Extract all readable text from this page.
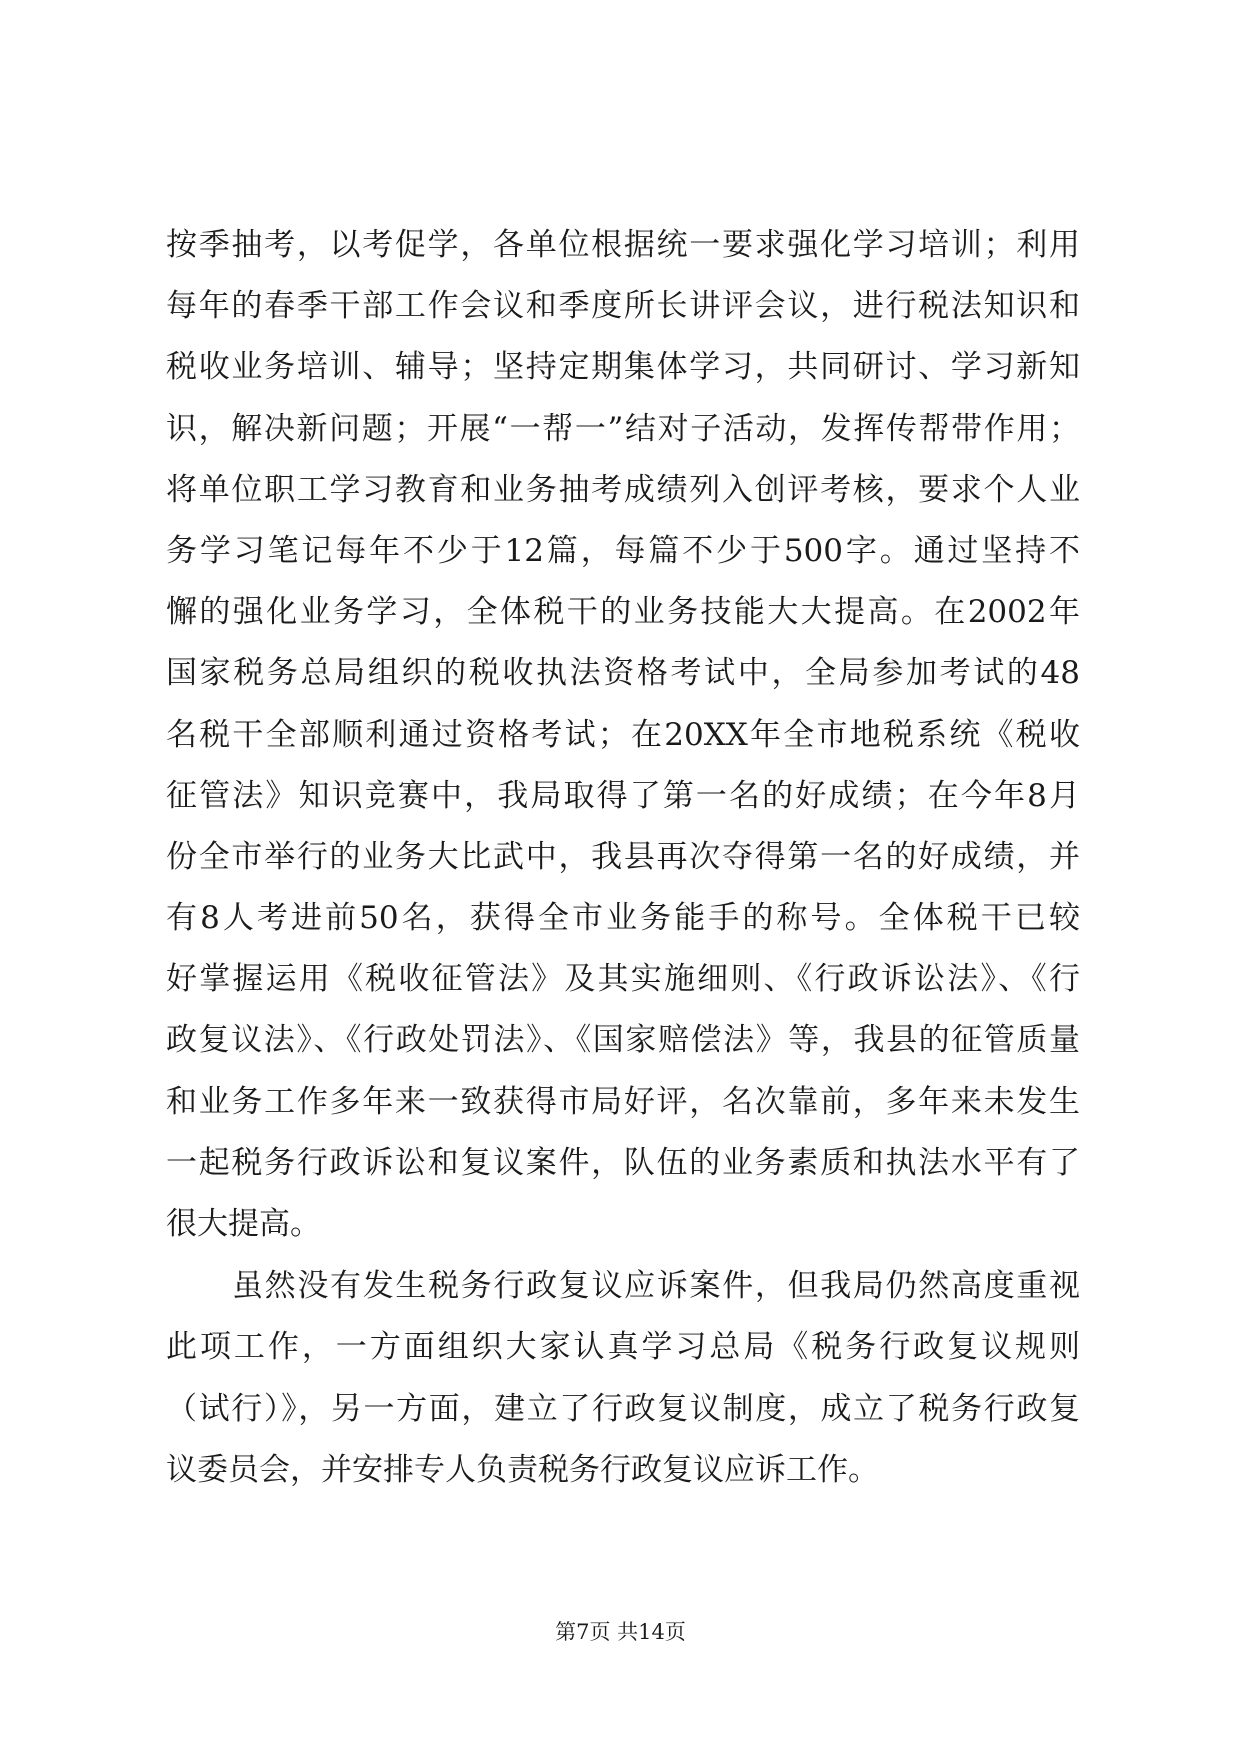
按季抽考，以考促学，各单位根据统一要求强化学习培训；利用
每年的春季干部工作会议和季度所长讲评会议，进行税法知识和
税收业务培训、辅导；坚持定期集体学习，共同研讨、学习新知
识，解决新问题；开展“一帮一”结对子活动，发挥传帮带作用；
将单位职工学习教育和业务抽考成绩列入创评考核，要求个人业
务学习笔记每年不少于12篇，每篇不少于500字。通过坚持不
懈的强化业务学习，全体税干的业务技能大大提高。在2002年
国家税务总局组织的税收执法资格考试中，全局参加考试的48
名税干全部顺利通过资格考试；在20XX年全市地税系统《税收
征管法》知识竞赛中，我局取得了第一名的好成绩；在今年8月
份全市举行的业务大比武中，我县再次夺得第一名的好成绩，并
有8人考进前50名，获得全市业务能手的称号。全体税干已较
好掌握运用《税收征管法》及其实施细则、《行政诉讼法》、《行
政复议法》、《行政处罚法》、《国家赔偿法》等，我县的征管质量
和业务工作多年来一致获得市局好评，名次靠前，多年来未发生
一起税务行政诉讼和复议案件，队伍的业务素质和执法水平有了
很大提高。
虽然没有发生税务行政复议应诉案件，但我局仍然高度重视
此项工作，一方面组织大家认真学习总局《税务行政复议规则
（试行）》，另一方面，建立了行政复议制度，成立了税务行政复
议委员会，并安排专人负责税务行政复议应诉工作。
第7页 共14页
